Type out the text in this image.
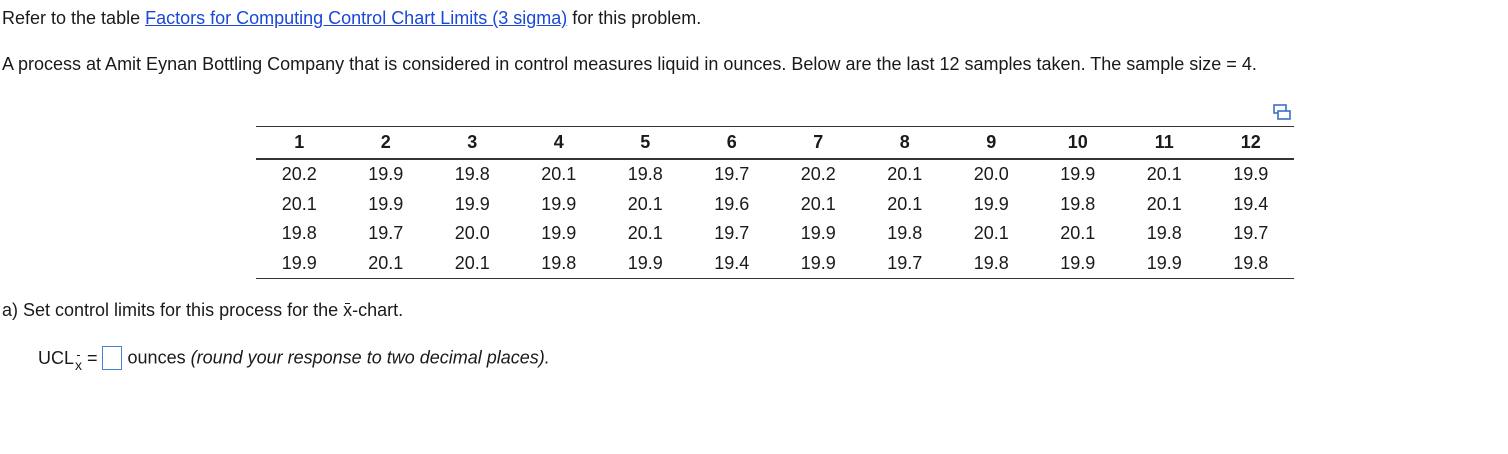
Refer to the table Factors for Computing Control Chart Limits (3 sigma) for this problem.
A process at Amit Eynan Bottling Company that is considered in control measures liquid in ounces. Below are the last 12 samples taken. The sample size = 4.
1	2	3	4	5	6	7	8	9	10	11	12
20.2	19.9	19.8	20.1	19.8	19.7	20.2	20.1	20.0	19.9	20.1	19.9
20.1	19.9	19.9	19.9	20.1	19.6	20.1	20.1	19.9	19.8	20.1	19.4
19.8	19.7	20.0	19.9	20.1	19.7	19.9	19.8	20.1	20.1	19.8	19.7
19.9	20.1	20.1	19.8	19.9	19.4	19.9	19.7	19.8	19.9	19.9	19.8
a) Set control limits for this process for the x-chart.
UCLx = ounces (round your response to two decimal places).
